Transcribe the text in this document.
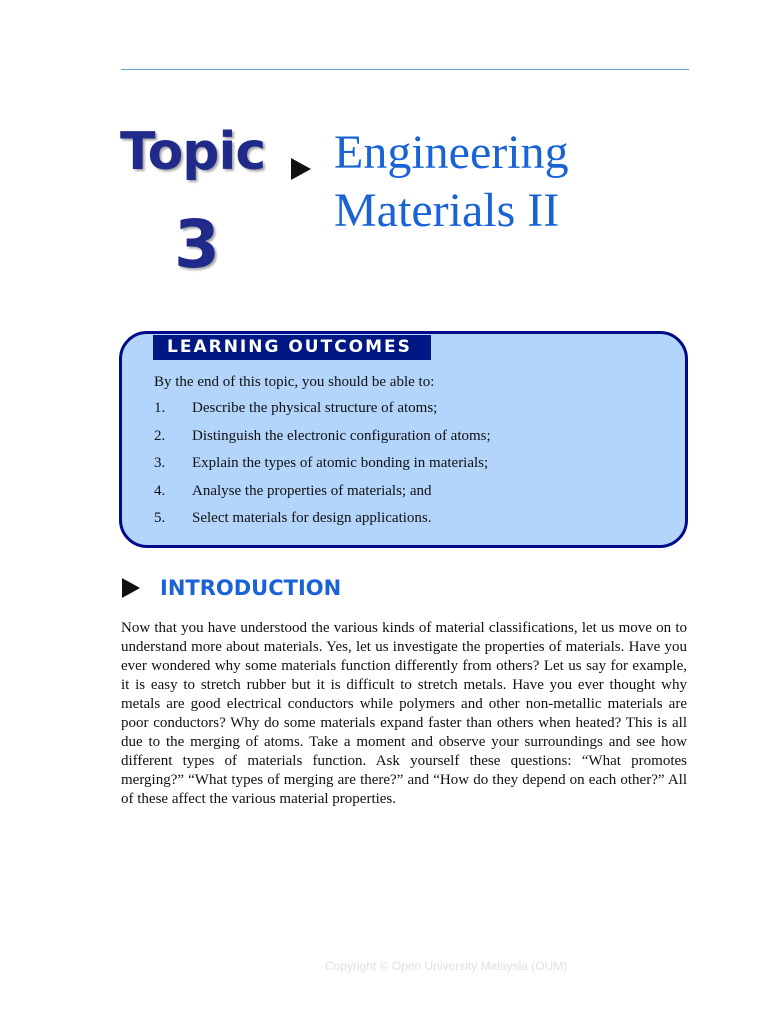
Topic
3
Engineering
Materials II
LEARNING OUTCOMES
By the end of this topic, you should be able to:
1. Describe the physical structure of atoms;
2. Distinguish the electronic configuration of atoms;
3. Explain the types of atomic bonding in materials;
4. Analyse the properties of materials; and
5. Select materials for design applications.
INTRODUCTION

Now that you have understood the various kinds of material classifications, let us move on to understand more about materials. Yes, let us investigate the properties of materials. Have you ever wondered why some materials function differently from others? Let us say for example, it is easy to stretch rubber but it is difficult to stretch metals. Have you ever thought why metals are good electrical conductors while polymers and other non-metallic materials are poor conductors? Why do some materials expand faster than others when heated? This is all due to the merging of atoms. Take a moment and observe your surroundings and see how different types of materials function. Ask yourself these questions: “What promotes merging?” “What types of merging are there?” and “How do they depend on each other?” All of these affect the various material properties.

Copyright © Open University Malaysia (OUM)
